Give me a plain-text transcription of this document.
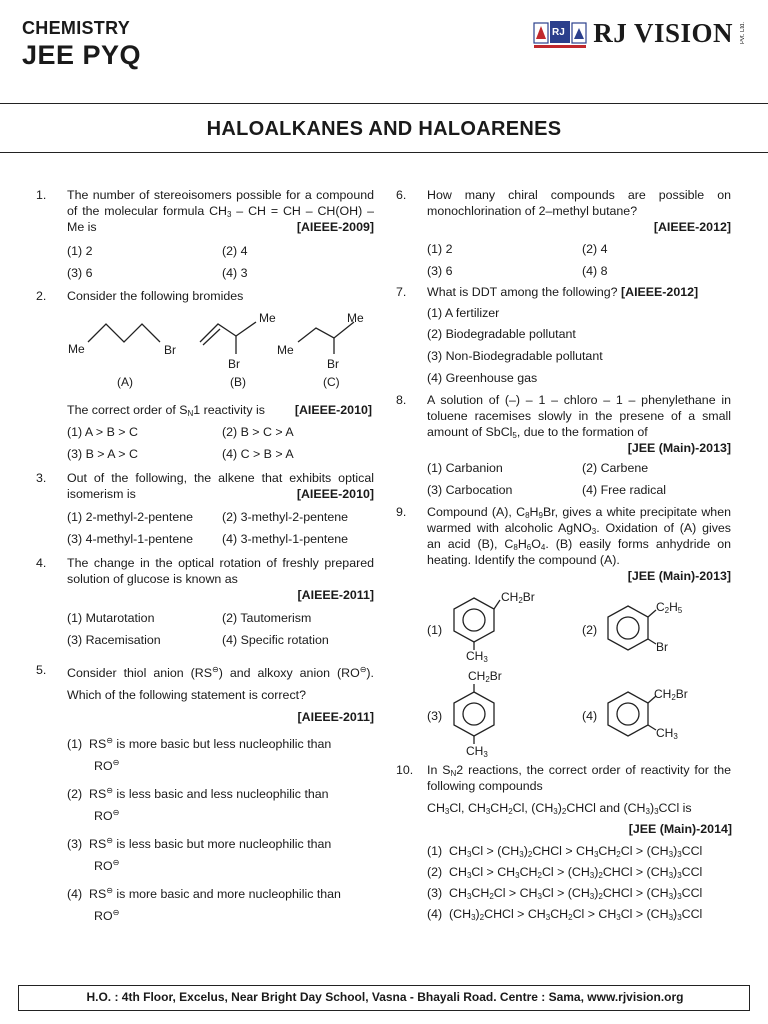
CHEMISTRY
JEE PYQ
RJ RJ VISION Pvt. Ltd.
HALOALKANES AND HALOARENES
1.	The number of stereoisomers possible for a compound of the molecular formula $CH_3$ – CH = CH – CH(OH) – Me is	[AIEEE-2009]
(1) 2	(2) 4
(3) 6	(4) 3
2.	Consider the following bromides
Me	Br
(A)
Me
Br
(B)
Me
Me
Br
(C)
The correct order of $S_N1$ reactivity is [AIEEE-2010]
(1) A > B > C	(2) B > C > A
(3) B > A > C	(4) C > B > A
3.	Out of the following, the alkene that exhibits optical isomerism is	[AIEEE-2010]
(1) 2-methyl-2-pentene (2) 3-methyl-2-pentene
(3) 4-methyl-1-pentene (4) 3-methyl-1-pentene
4.	The change in the optical rotation of freshly prepared solution of glucose is known as

[AIEEE-2011]
(1) Mutarotation	(2) Tautomerism
(3) Racemisation	(4) Specific rotation
5.	Consider thiol anion (RS⊖) and alkoxy anion (RO⊖). Which of the following statement is correct?
[AIEEE-2011]
(1)  RS⊖ is more basic but less nucleophilic than
RO⊖
(2)  RS⊖ is less basic and less nucleophilic than
RO⊖
(3)  RS⊖ is less basic but more nucleophilic than
RO⊖
(4)  RS⊖ is more basic and more nucleophilic than
RO⊖
6.	How many chiral compounds are possible on monochlorination of 2–methyl butane?

[AIEEE-2012]
(1) 2	(2) 4
(3) 6	(4) 8
7.	What is DDT among the following? [AIEEE-2012]
(1) A fertilizer
(2) Biodegradable pollutant
(3) Non-Biodegradable pollutant
(4) Greenhouse gas
8.	A solution of (–) – 1 – chloro – 1 – phenylethane in toluene racemises slowly in the presene of a small amount of SbCl$_5$, due to the formation of

[JEE (Main)-2013]
(1) Carbanion	(2) Carbene
(3) Carbocation	(4) Free radical
9.	Compound (A), $C_8H_9Br$, gives a white precipitate when warmed with alcoholic AgNO$_3$. Oxidation of (A) gives an acid (B), $C_8H_6O_4$. (B) easily forms anhydride on heating. Identify the compound (A).

[JEE (Main)-2013]
(1)
$CH_2Br$
$CH_3$
(2)
$C_2H_5$
Br
(3)
$CH_2Br$
$CH_3$
(4)
$CH_2Br$
$CH_3$
10.	In $S_N2$ reactions, the correct order of reactivity for the following compounds
$CH_3Cl$, $CH_3CH_2Cl$, $(CH_3)_2CHCl$ and $(CH_3)_3CCl$ is
[JEE (Main)-2014]
(1)  $CH_3Cl$ > $(CH_3)_2CHCl > CH_3CH_2Cl > (CH_3)_3CCl$
(2)  $CH_3Cl > CH_3CH_2Cl$ > $(CH_3)_2CHCl > (CH_3)_3CCl$
(3)  $CH_3CH_2Cl > CH_3Cl$ > $(CH_3)_2CHCl > (CH_3)_3CCl$
(4)  $(CH_3)_2CHCl > CH_3CH_2Cl > CH_3Cl > (CH_3)_3CCl$
H.O. : 4th Floor, Excelus, Near Bright Day School, Vasna - Bhayali Road. Centre : Sama, www.rjvision.org
